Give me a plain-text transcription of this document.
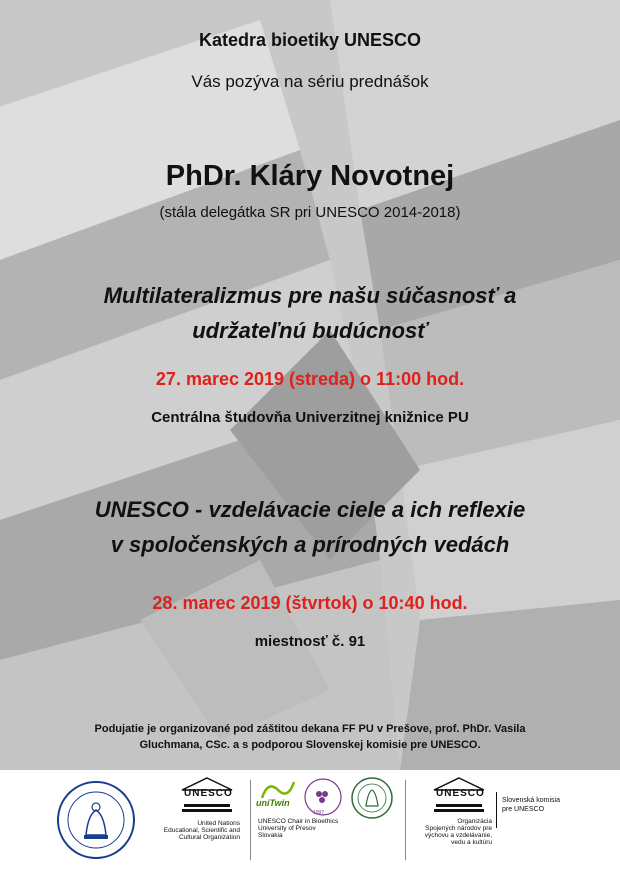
Katedra bioetiky UNESCO
Vás pozýva na sériu prednášok
PhDr. Kláry Novotnej
(stála delegátka SR pri UNESCO 2014-2018)
Multilateralizmus pre našu súčasnosť a
udržateľnú budúcnosť
27. marec 2019 (streda) o 11:00 hod.
Centrálna študovňa Univerzitnej knižnice PU
UNESCO - vzdelávacie ciele a ich reflexie
v spoločenských a prírodných vedách
28. marec 2019 (štvrtok) o 10:40 hod.
miestnosť č. 91
Podujatie je organizované pod záštitou dekana FF PU v Prešove, prof. PhDr. Vasila
Gluchmana, CSc. a s podporou Slovenskej komisie pre UNESCO.
UNESCO
United Nations
Educational, Scientific and
Cultural Organization
uniTwin
UNESCO Chair in Bioethics
University of Presov
Slovakia
1997
UNESCO
Organizácia
Spojených národov pre
výchovu a vzdelávanie,
vedu a kultúru
Slovenská komisia
pre UNESCO
